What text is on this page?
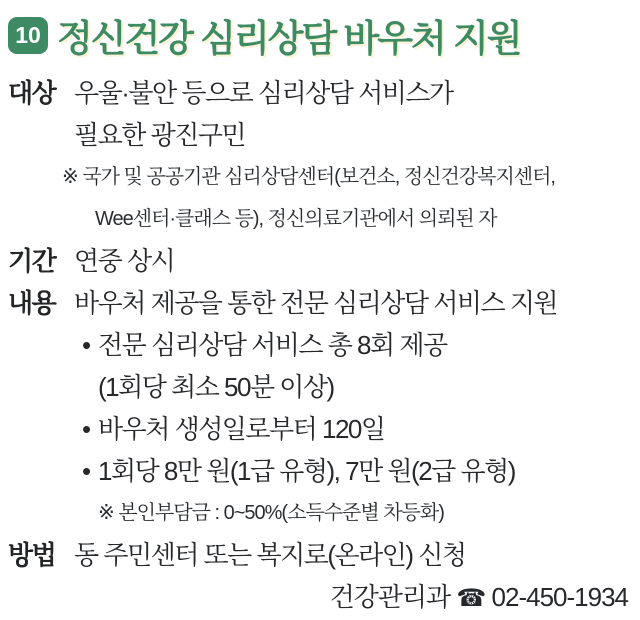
10 정신건강 심리상담 바우처 지원
대상 우울·불안 등으로 심리상담 서비스가
필요한 광진구민
※ 국가 및 공공기관 심리상담센터(보건소, 정신건강복지센터,
Wee센터·클래스 등), 정신의료기관에서 의뢰된 자
기간 연중 상시
내용 바우처 제공을 통한 전문 심리상담 서비스 지원
• 전문 심리상담 서비스 총 8회 제공
(1회당 최소 50분 이상)
• 바우처 생성일로부터 120일
• 1회당 8만 원(1급 유형), 7만 원(2급 유형)
※ 본인부담금 : 0~50%(소득수준별 차등화)
방법 동 주민센터 또는 복지로(온라인) 신청
건강관리과 ☎ 02-450-1934
